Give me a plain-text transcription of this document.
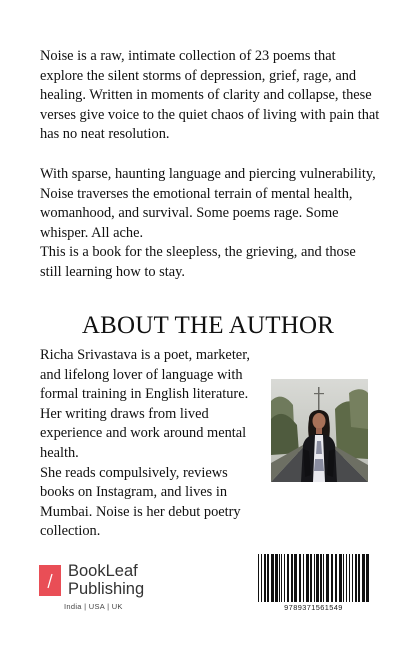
Noise is a raw, intimate collection of 23 poems that explore the silent storms of depression, grief, rage, and healing. Written in moments of clarity and collapse, these verses give voice to the quiet chaos of living with pain that has no neat resolution.

With sparse, haunting language and piercing vulnerability, Noise traverses the emotional terrain of mental health, womanhood, and survival. Some poems rage. Some whisper. All ache.

This is a book for the sleepless, the grieving, and those still learning how to stay.

ABOUT THE AUTHOR

Richa Srivastava is a poet, marketer, and lifelong lover of language with formal training in English literature. Her writing draws from lived experience and work around mental health.

She reads compulsively, reviews books on Instagram, and lives in Mumbai. Noise is her debut poetry collection.

BookLeaf
Publishing
India | USA | UK	9789371561549
